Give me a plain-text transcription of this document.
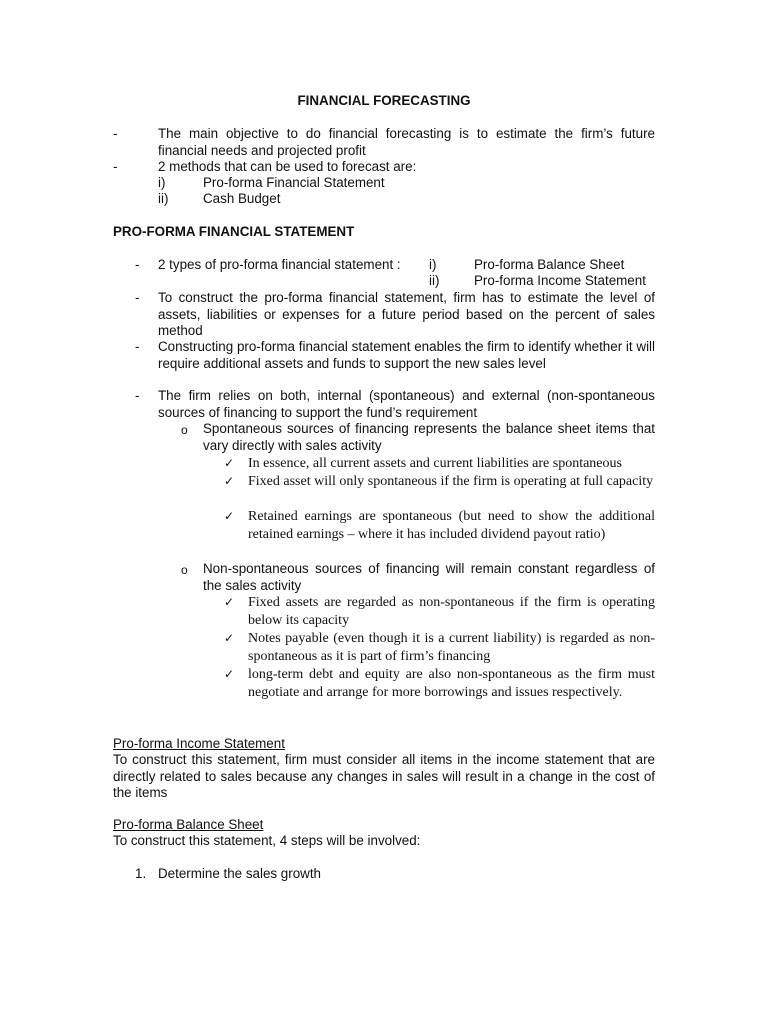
FINANCIAL FORECASTING
-	The main objective to do financial forecasting is to estimate the firm’s future financial needs and projected profit
-	2 methods that can be used to forecast are:
i)	Pro-forma Financial Statement
ii)	Cash Budget
PRO-FORMA FINANCIAL STATEMENT
- 2 types of pro-forma financial statement : i)	Pro-forma Balance Sheet
ii)	Pro-forma Income Statement
- To construct the pro-forma financial statement, firm has to estimate the level of assets, liabilities or expenses for a future period based on the percent of sales method
- Constructing pro-forma financial statement enables the firm to identify whether it will require additional assets and funds to support the new sales level
- The firm relies on both, internal (spontaneous) and external (non-spontaneous sources of financing to support the fund’s requirement
o Spontaneous sources of financing represents the balance sheet items that vary directly with sales activity
✓ In essence, all current assets and current liabilities are spontaneous
✓ Fixed asset will only spontaneous if the firm is operating at full capacity
✓ Retained earnings are spontaneous (but need to show the additional retained earnings – where it has included dividend payout ratio)
o Non-spontaneous sources of financing will remain constant regardless of the sales activity
✓ Fixed assets are regarded as non-spontaneous if the firm is operating below its capacity
✓ Notes payable (even though it is a current liability) is regarded as non-spontaneous as it is part of firm’s financing
✓ long-term debt and equity are also non-spontaneous as the firm must negotiate and arrange for more borrowings and issues respectively.
Pro-forma Income Statement
To construct this statement, firm must consider all items in the income statement that are directly related to sales because any changes in sales will result in a change in the cost of the items
Pro-forma Balance Sheet
To construct this statement, 4 steps will be involved:
1. Determine the sales growth
